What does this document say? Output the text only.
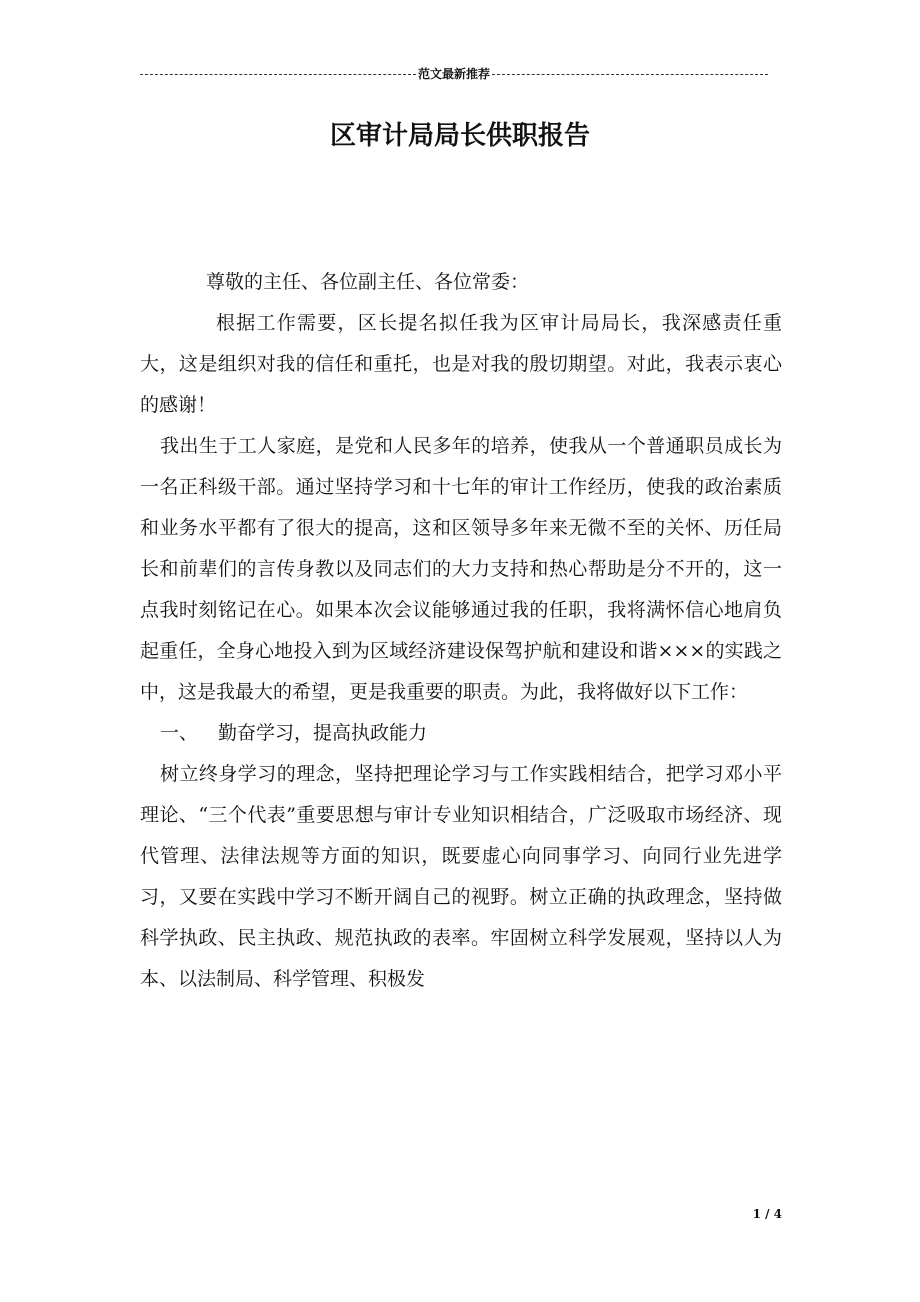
范文最新推荐
区审计局局长供职报告

尊敬的主任、各位副主任、各位常委：

根据工作需要，区长提名拟任我为区审计局局长，我深感责任重大，这是组织对我的信任和重托，也是对我的殷切期望。对此，我表示衷心的感谢！

我出生于工人家庭，是党和人民多年的培养，使我从一个普通职员成长为一名正科级干部。通过坚持学习和十七年的审计工作经历，使我的政治素质和业务水平都有了很大的提高，这和区领导多年来无微不至的关怀、历任局长和前辈们的言传身教以及同志们的大力支持和热心帮助是分不开的，这一点我时刻铭记在心。如果本次会议能够通过我的任职，我将满怀信心地肩负起重任，全身心地投入到为区域经济建设保驾护航和建设和谐×××的实践之中，这是我最大的希望，更是我重要的职责。为此，我将做好以下工作：

一、 勤奋学习，提高执政能力

树立终身学习的理念，坚持把理论学习与工作实践相结合，把学习邓小平理论、“三个代表”重要思想与审计专业知识相结合，广泛吸取市场经济、现代管理、法律法规等方面的知识，既要虚心向同事学习、向同行业先进学习，又要在实践中学习不断开阔自己的视野。树立正确的执政理念，坚持做科学执政、民主执政、规范执政的表率。牢固树立科学发展观，坚持以人为本、以法制局、科学管理、积极发

1 / 4
